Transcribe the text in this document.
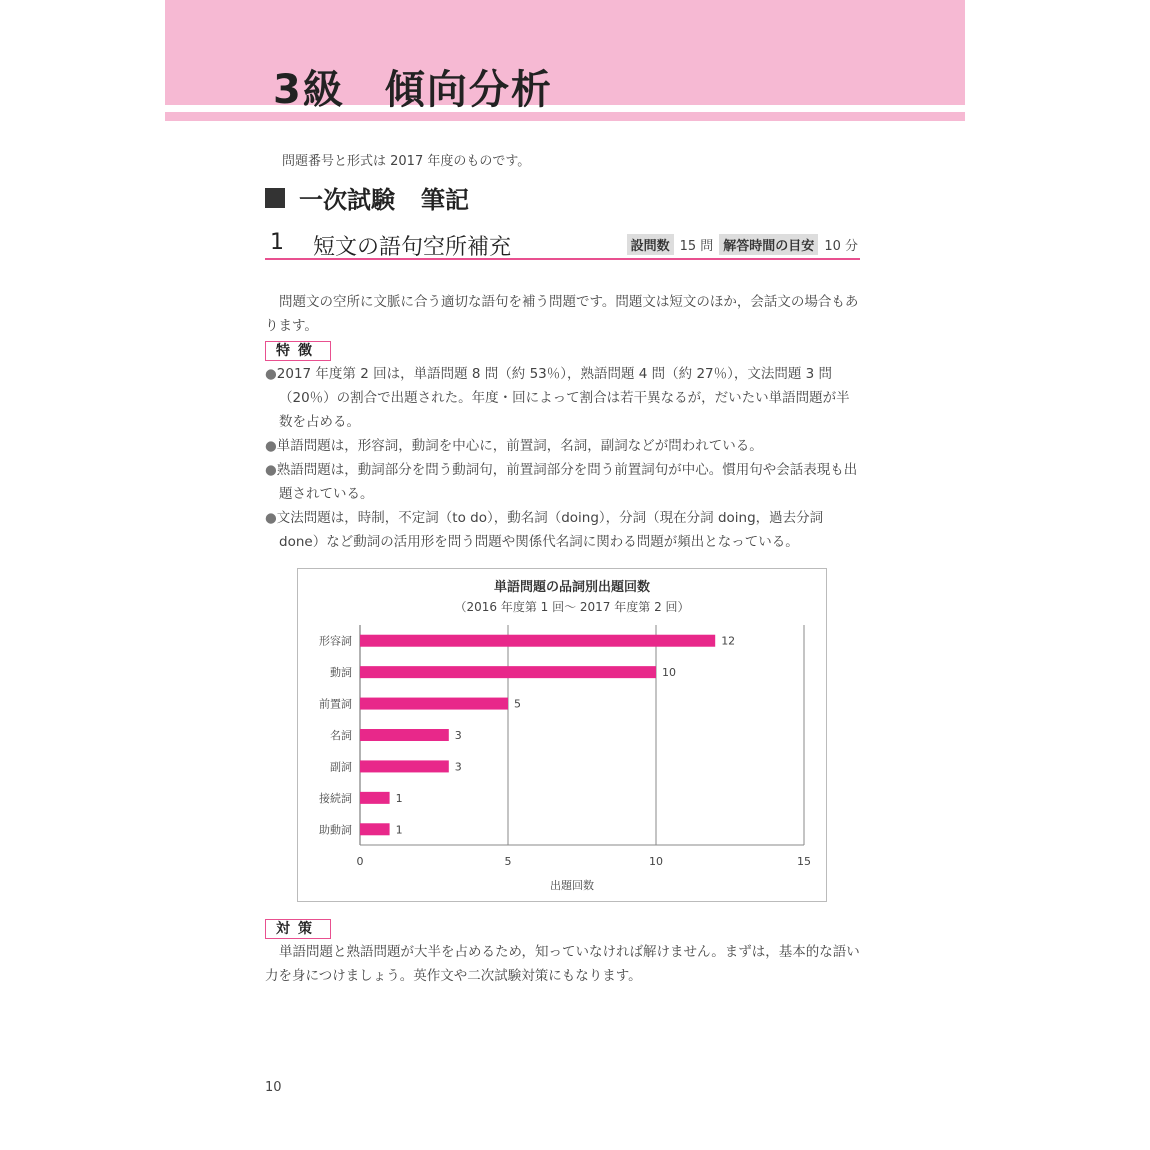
3級 傾向分析
問題番号と形式は 2017 年度のものです。
一次試験 筆記
1 短文の語句空所補充	設問数 15 問 解答時間の目安 10 分

問題文の空所に文脈に合う適切な語句を補う問題です。問題文は短文のほか，会話文の場合もあります。

特徴
●2017 年度第 2 回は，単語問題 8 問（約 53％），熟語問題 4 問（約 27％），文法問題 3 問（20％）の割合で出題された。年度・回によって割合は若干異なるが，だいたい単語問題が半数を占める。
●単語問題は，形容詞，動詞を中心に，前置詞，名詞，副詞などが問われている。
●熟語問題は，動詞部分を問う動詞句，前置詞部分を問う前置詞句が中心。慣用句や会話表現も出題されている。
●文法問題は，時制，不定詞（to do），動名詞（doing），分詞（現在分詞 doing，過去分詞 done）など動詞の活用形を問う問題や関係代名詞に関わる問題が頻出となっている。
単語問題の品詞別出題回数
（2016 年度第 1 回～ 2017 年度第 2 回）
出題回数
0	5	10	15
形容詞	12
動詞	10
前置詞	5
名詞	3
副詞	3
接続詞	1
助動詞	1
対策

単語問題と熟語問題が大半を占めるため，知っていなければ解けません。まずは，基本的な語い力を身につけましょう。英作文や二次試験対策にもなります。

10
